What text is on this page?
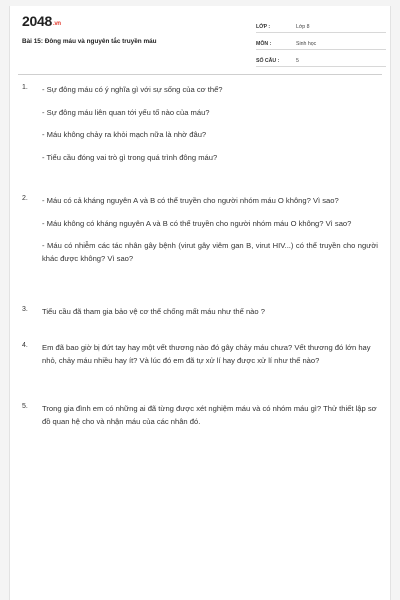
2048.vn
Bài 15: Đông máu và nguyên tắc truyền máu
LỚP :	Lớp 8
MÔN :	Sinh học
SỐ CÂU :	5
1. - Sự đông máu có ý nghĩa gì với sự sống của cơ thể?

- Sự đông máu liên quan tới yếu tố nào của máu?

- Máu không chảy ra khỏi mạch nữa là nhờ đâu?

- Tiểu cầu đóng vai trò gì trong quá trình đông máu?

2. - Máu có cả kháng nguyên A và B có thể truyền cho người nhóm máu O không? Vì sao?

- Máu không có kháng nguyên A và B có thể truyền cho người nhóm máu O không? Vì sao?

- Máu có nhiễm các tác nhân gây bệnh (virut gây viêm gan B, virut HIV...) có thể truyền cho người khác được không? Vì sao?

3. Tiểu cầu đã tham gia bảo vệ cơ thể chống mất máu như thế nào ?

4. Em đã bao giờ bị đứt tay hay một vết thương nào đó gây chảy máu chưa? Vết thương đó lớn hay nhỏ, chảy máu nhiều hay ít? Và lúc đó em đã tự xử lí hay được xử lí như thế nào?

5. Trong gia đình em có những ai đã từng được xét nghiệm máu và có nhóm máu gì? Thử thiết lập sơ đồ quan hệ cho và nhận máu của các nhân đó.
